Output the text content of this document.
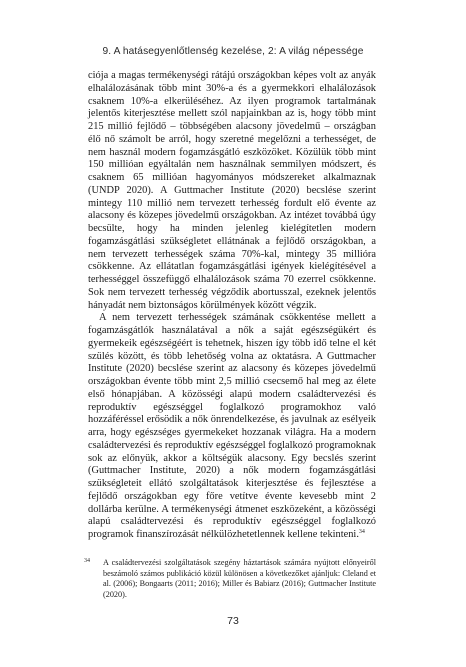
9. A hatásegyenlőtlenség kezelése, 2: A világ népessége

ciója a magas termékenységi rátájú országokban képes volt az anyák elhalálozásának több mint 30%-a és a gyermekkori elhalálozások csaknem 10%-a elkerüléséhez. Az ilyen programok tartalmának jelentős kiterjesztése mellett szól napjainkban az is, hogy több mint 215 millió fejlődő – többségében alacsony jövedelmű – országban élő nő számolt be arról, hogy szeretné megelőzni a terhességet, de nem használ modern fogamzásgátló eszközöket. Közülük több mint 150 millióan egyáltalán nem használnak semmilyen módszert, és csaknem 65 millióan hagyományos módszereket alkalmaznak (UNDP 2020). A Guttmacher Institute (2020) becslése szerint mintegy 110 millió nem tervezett terhesség fordult elő évente az alacsony és közepes jövedelmű országokban. Az intézet továbbá úgy becsülte, hogy ha minden jelenleg kielégítetlen modern fogamzásgátlási szükségletet ellátnának a fejlődő országokban, a nem tervezett terhességek száma 70%-kal, mintegy 35 millióra csökkenne. Az ellátatlan fogamzásgátlási igények kielégítésével a terhességgel összefüggő elhalálozások száma 70 ezerrel csökkenne. Sok nem tervezett terhesség végződik abortusszal, ezeknek jelentős hányadát nem biztonságos körülmények között végzik.

A nem tervezett terhességek számának csökkentése mellett a fogamzásgátlók használatával a nők a saját egészségükért és gyermekeik egészségéért is tehetnek, hiszen így több idő telne el két szülés között, és több lehetőség volna az oktatásra. A Guttmacher Institute (2020) becslése szerint az alacsony és közepes jövedelmű országokban évente több mint 2,5 millió csecsemő hal meg az élete első hónapjában. A közösségi alapú modern családtervezési és reproduktív egészséggel foglalkozó programokhoz való hozzáféréssel erősödik a nők önrendelkezése, és javulnak az esélyeik arra, hogy egészséges gyermekeket hozzanak világra. Ha a modern családtervezési és reproduktív egészséggel foglalkozó programoknak sok az előnyük, akkor a költségük alacsony. Egy becslés szerint (Guttmacher Institute, 2020) a nők modern fogamzásgátlási szükségleteit ellátó szolgáltatások kiterjesztése és fejlesztése a fejlődő országokban egy főre vetítve évente kevesebb mint 2 dollárba kerülne. A termékenységi átmenet eszközeként, a közösségi alapú családtervezési és reproduktív egészséggel foglalkozó programok finanszírozását nélkülözhetetlennek kellene tekinteni.$^{34}$

34 A családtervezési szolgáltatások szegény háztartások számára nyújtott előnyeiről beszámoló számos publikáció közül különösen a következőket ajánljuk: Cleland et al. (2006); Bongaarts (2011; 2016); Miller és Babiarz (2016); Guttmacher Institute (2020).
73
